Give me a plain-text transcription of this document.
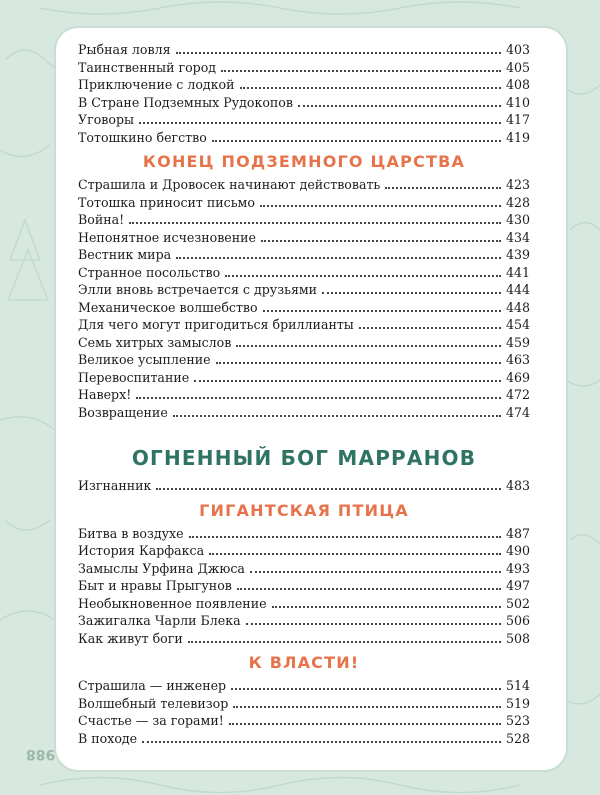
Рыбная ловля	403
Таинственный город	405
Приключение с лодкой	408
В Стране Подземных Рудокопов	410
Уговоры	417
Тотошкино бегство	419
КОНЕЦ ПОДЗЕМНОГО ЦАРСТВА
Страшила и Дровосек начинают действовать	423
Тотошка приносит письмо	428
Война!	430
Непонятное исчезновение	434
Вестник мира	439
Странное посольство	441
Элли вновь встречается с друзьями	444
Механическое волшебство	448
Для чего могут пригодиться бриллианты	454
Семь хитрых замыслов	459
Великое усыпление	463
Перевоспитание	469
Наверх!	472
Возвращение	474
ОГНЕННЫЙ БОГ МАРРАНОВ
Изгнанник	483
ГИГАНТСКАЯ ПТИЦА
Битва в воздухе	487
История Карфакса	490
Замыслы Урфина Джюса	493
Быт и нравы Прыгунов	497
Необыкновенное появление	502
Зажигалка Чарли Блека	506
Как живут боги	508
К ВЛАСТИ!
Страшила — инженер	514
Волшебный телевизор	519
Счастье — за горами!	523
В походе	528
988
